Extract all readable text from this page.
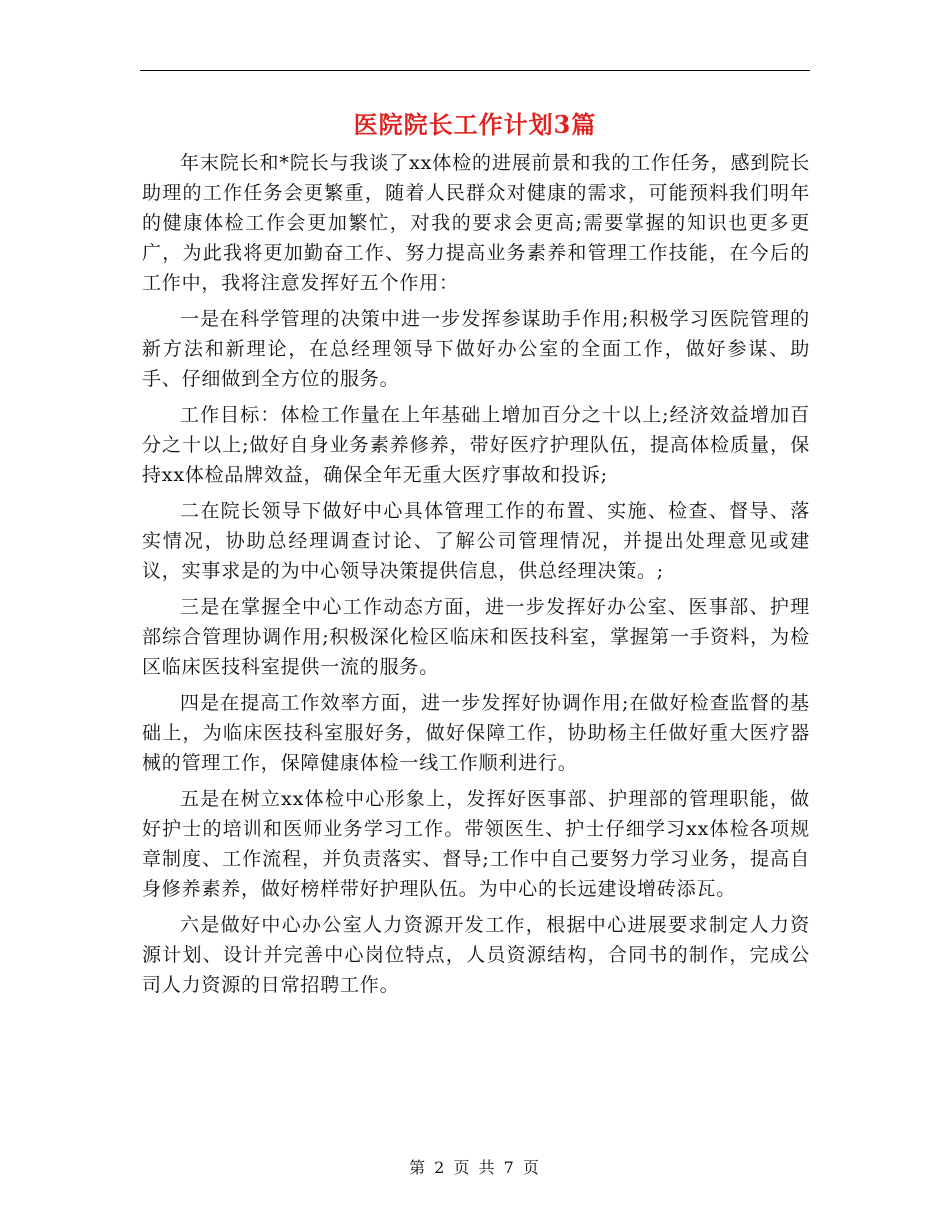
医院院长工作计划3篇

年末院长和*院长与我谈了xx体检的进展前景和我的工作任务，感到院长助理的工作任务会更繁重，随着人民群众对健康的需求，可能预料我们明年的健康体检工作会更加繁忙，对我的要求会更高;需要掌握的知识也更多更广，为此我将更加勤奋工作、努力提高业务素养和管理工作技能，在今后的工作中，我将注意发挥好五个作用：

一是在科学管理的决策中进一步发挥参谋助手作用;积极学习医院管理的新方法和新理论，在总经理领导下做好办公室的全面工作，做好参谋、助手、仔细做到全方位的服务。

工作目标：体检工作量在上年基础上增加百分之十以上;经济效益增加百分之十以上;做好自身业务素养修养，带好医疗护理队伍，提高体检质量，保持xx体检品牌效益，确保全年无重大医疗事故和投诉;

二在院长领导下做好中心具体管理工作的布置、实施、检查、督导、落实情况，协助总经理调查讨论、了解公司管理情况，并提出处理意见或建议，实事求是的为中心领导决策提供信息，供总经理决策。;

三是在掌握全中心工作动态方面，进一步发挥好办公室、医事部、护理部综合管理协调作用;积极深化检区临床和医技科室，掌握第一手资料，为检区临床医技科室提供一流的服务。

四是在提高工作效率方面，进一步发挥好协调作用;在做好检查监督的基础上，为临床医技科室服好务，做好保障工作，协助杨主任做好重大医疗器械的管理工作，保障健康体检一线工作顺利进行。

五是在树立xx体检中心形象上，发挥好医事部、护理部的管理职能，做好护士的培训和医师业务学习工作。带领医生、护士仔细学习xx体检各项规章制度、工作流程，并负责落实、督导;工作中自己要努力学习业务，提高自身修养素养，做好榜样带好护理队伍。为中心的长远建设增砖添瓦。

六是做好中心办公室人力资源开发工作，根据中心进展要求制定人力资源计划、设计并完善中心岗位特点，人员资源结构，合同书的制作，完成公司人力资源的日常招聘工作。

第 2 页 共 7 页
